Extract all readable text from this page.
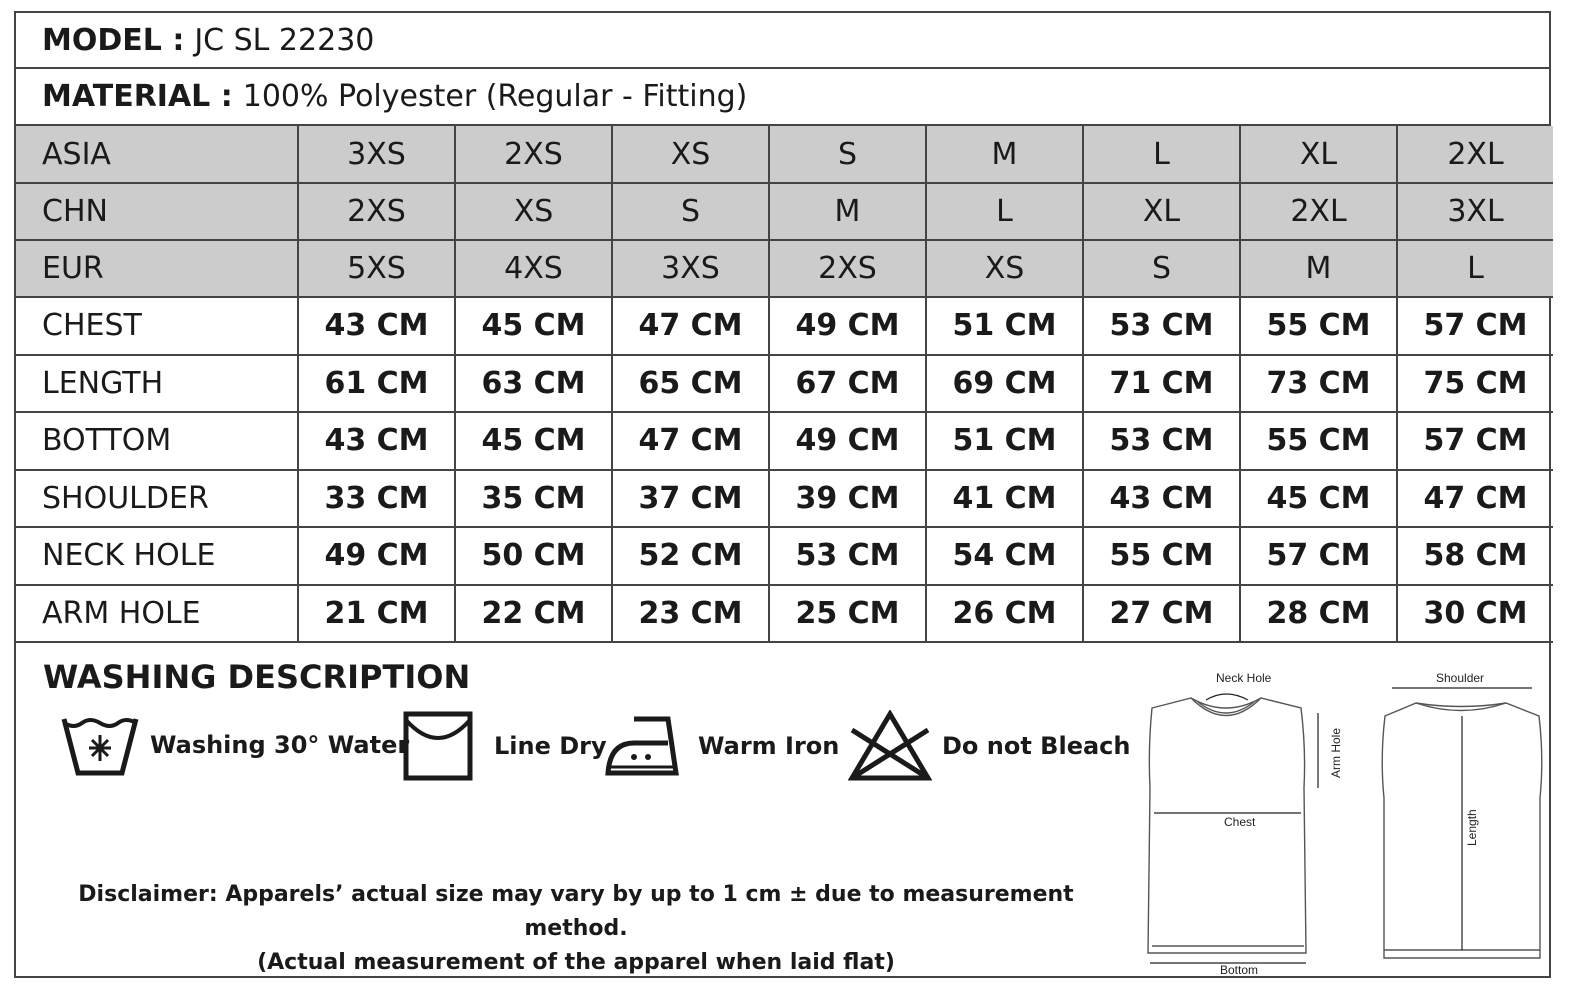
MODEL : JC SL 22230
MATERIAL : 100% Polyester (Regular - Fitting)
ASIA	3XS	2XS	XS	S	M	L	XL	2XL
CHN	2XS	XS	S	M	L	XL	2XL	3XL
EUR	5XS	4XS	3XS	2XS	XS	S	M	L
CHEST	43 CM	45 CM	47 CM	49 CM	51 CM	53 CM	55 CM	57 CM
LENGTH	61 CM	63 CM	65 CM	67 CM	69 CM	71 CM	73 CM	75 CM
BOTTOM	43 CM	45 CM	47 CM	49 CM	51 CM	53 CM	55 CM	57 CM
SHOULDER	33 CM	35 CM	37 CM	39 CM	41 CM	43 CM	45 CM	47 CM
NECK HOLE	49 CM	50 CM	52 CM	53 CM	54 CM	55 CM	57 CM	58 CM
ARM HOLE	21 CM	22 CM	23 CM	25 CM	26 CM	27 CM	28 CM	30 CM
WASHING DESCRIPTION
Washing 30° Water	Line Dry	Warm Iron	Do not Bleach
Disclaimer: Apparels’ actual size may vary by up to 1 cm ± due to measurement method.
(Actual measurement of the apparel when laid flat)
Neck Hole
Chest
Bottom
Arm Hole
Shoulder
Length
